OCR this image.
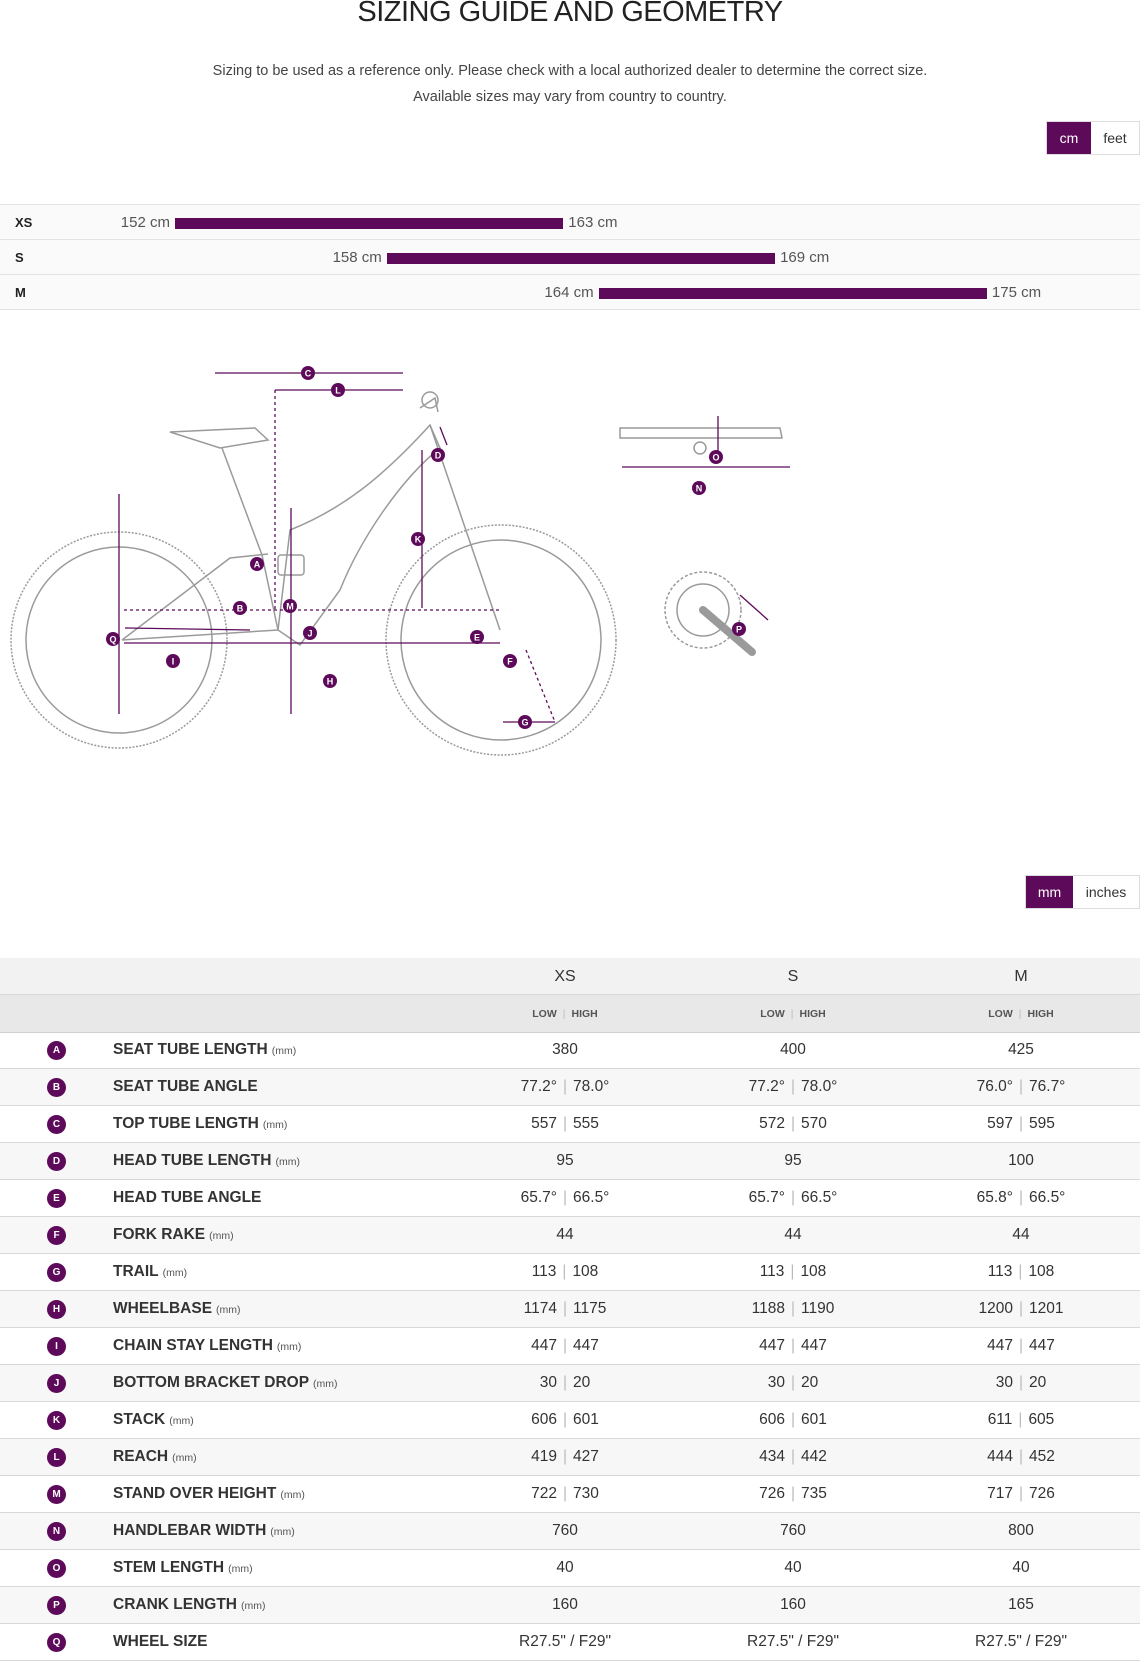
SIZING GUIDE AND GEOMETRY
Sizing to be used as a reference only. Please check with a local authorized dealer to determine the correct size.
Available sizes may vary from country to country.
cm	feet
XS	152 cm	163 cm
S	158 cm	169 cm
M	164 cm	175 cm
A
B
C
D
E
F
G
H
I
J
K
L
M
N
O
P
Q
mm	inches
XS	S	M
LOW | HIGH	LOW | HIGH	LOW | HIGH
A	SEAT TUBE LENGTH (mm)	380	400	425
B	SEAT TUBE ANGLE	77.2° | 78.0°	77.2° | 78.0°	76.0° | 76.7°
C	TOP TUBE LENGTH (mm)	557 | 555	572 | 570	597 | 595
D	HEAD TUBE LENGTH (mm)	95	95	100
E	HEAD TUBE ANGLE	65.7° | 66.5°	65.7° | 66.5°	65.8° | 66.5°
F	FORK RAKE (mm)	44	44	44
G	TRAIL (mm)	113 | 108	113 | 108	113 | 108
H	WHEELBASE (mm)	1174 | 1175	1188 | 1190	1200 | 1201
I	CHAIN STAY LENGTH (mm)	447 | 447	447 | 447	447 | 447
J	BOTTOM BRACKET DROP (mm)	30 | 20	30 | 20	30 | 20
K	STACK (mm)	606 | 601	606 | 601	611 | 605
L	REACH (mm)	419 | 427	434 | 442	444 | 452
M	STAND OVER HEIGHT (mm)	722 | 730	726 | 735	717 | 726
N	HANDLEBAR WIDTH (mm)	760	760	800
O	STEM LENGTH (mm)	40	40	40
P	CRANK LENGTH (mm)	160	160	165
Q	WHEEL SIZE	R27.5" / F29"	R27.5" / F29"	R27.5" / F29"
